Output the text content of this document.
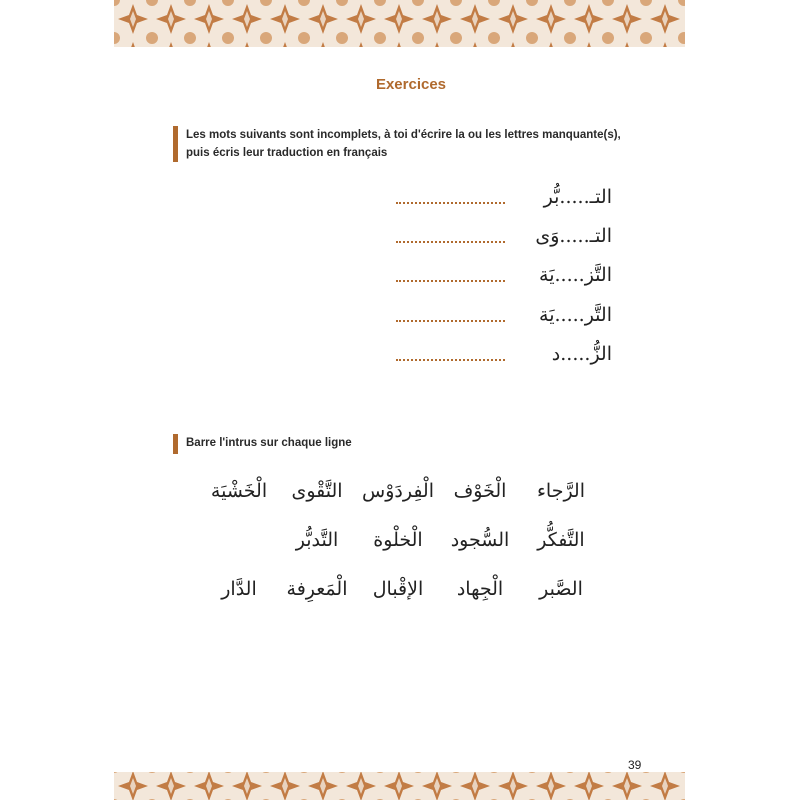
Exercices
Les mots suivants sont incomplets, à toi d'écrire la ou les lettres manquante(s),
puis écris leur traduction en français
التـ.....بُّر
التـ.....وَى
التَّز.....يَة
التَّر.....يَة
الزُّ.....د
Barre l'intrus sur chaque ligne
الرَّجاء
الْخَوْف
الْفِردَوْس
التَّقْوى
الْخَشْيَة
التَّفكُّر
السُّجود
الْخلْوة
التَّدبُّر
الصَّبر
الْجِهاد
الإقْبال
الْمَعرِفة
الدَّار
39
